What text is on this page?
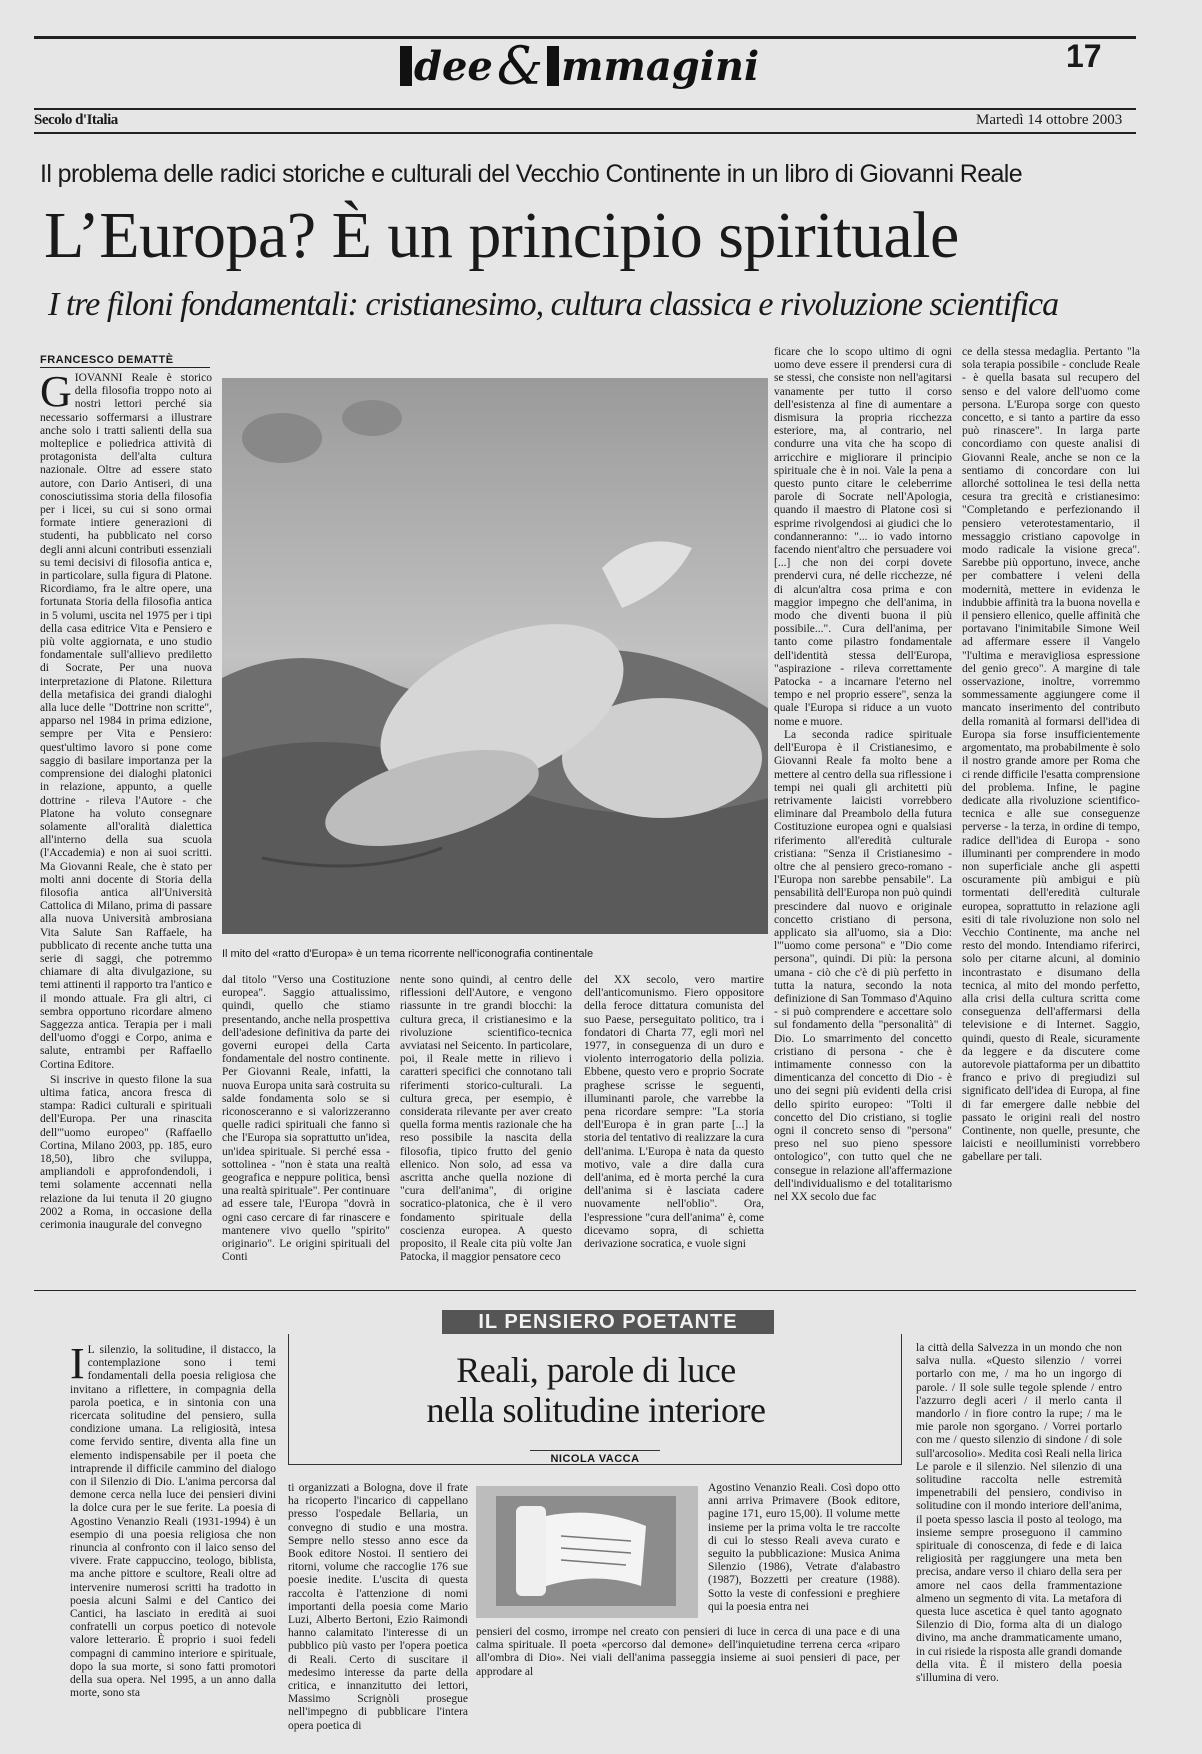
dee& mmagini	17
Secolo d'Italia	Martedì 14 ottobre 2003
Il problema delle radici storiche e culturali del Vecchio Continente in un libro di Giovanni Reale
L’Europa? È un principio spirituale
I tre filoni fondamentali: cristianesimo, cultura classica e rivoluzione scientifica
FRANCESCO DEMATTÈ
G IOVANNI Reale è storico della filosofia troppo noto ai nostri lettori perché sia necessario soffermarsi a illustrare anche solo i tratti salienti della sua molteplice e poliedrica attività di protagonista dell'alta cultura nazionale. Oltre ad essere stato autore, con Dario Antiseri, di una conosciutissima storia della filosofia per i licei, su cui si sono ormai formate intiere generazioni di studenti, ha pubblicato nel corso degli anni alcuni contributi essenziali su temi decisivi di filosofia antica e, in particolare, sulla figura di Platone. Ricordiamo, fra le altre opere, una fortunata Storia della filosofia antica in 5 volumi, uscita nel 1975 per i tipi della casa editrice Vita e Pensiero e più volte aggiornata, e uno studio fondamentale sull'allievo prediletto di Socrate, Per una nuova interpretazione di Platone. Rilettura della metafisica dei grandi dialoghi alla luce delle "Dottrine non scritte", apparso nel 1984 in prima edizione, sempre per Vita e Pensiero: quest'ultimo lavoro si pone come saggio di basilare importanza per la comprensione dei dialoghi platonici in relazione, appunto, a quelle dottrine - rileva l'Autore - che Platone ha voluto consegnare solamente all'oralità dialettica all'interno della sua scuola (l'Accademia) e non ai suoi scritti. Ma Giovanni Reale, che è stato per molti anni docente di Storia della filosofia antica all'Università Cattolica di Milano, prima di passare alla nuova Università ambrosiana Vita Salute San Raffaele, ha pubblicato di recente anche tutta una serie di saggi, che potremmo chiamare di alta divulgazione, su temi attinenti il rapporto tra l'antico e il mondo attuale. Fra gli altri, ci sembra opportuno ricordare almeno Saggezza antica. Terapia per i mali dell'uomo d'oggi e Corpo, anima e salute, entrambi per Raffaello Cortina Editore.

Si inscrive in questo filone la sua ultima fatica, ancora fresca di stampa: Radici culturali e spirituali dell'Europa. Per una rinascita dell'"uomo europeo" (Raffaello Cortina, Milano 2003, pp. 185, euro 18,50), libro che sviluppa, ampliandoli e approfondendoli, i temi solamente accennati nella relazione da lui tenuta il 20 giugno 2002 a Roma, in occasione della cerimonia inaugurale del convegno

Il mito del «ratto d'Europa» è un tema ricorrente nell'iconografia continentale

dal titolo "Verso una Costituzione europea". Saggio attualissimo, quindi, quello che stiamo presentando, anche nella prospettiva dell'adesione definitiva da parte dei governi europei della Carta fondamentale del nostro continente. Per Giovanni Reale, infatti, la nuova Europa unita sarà costruita su salde fondamenta solo se si riconosceranno e si valorizzeranno quelle radici spirituali che fanno sì che l'Europa sia soprattutto un'idea, un'idea spirituale. Si perché essa - sottolinea - "non è stata una realtà geografica e neppure politica, bensì una realtà spirituale". Per continuare ad essere tale, l'Europa "dovrà in ogni caso cercare di far rinascere e mantenere vivo quello "spirito" originario". Le origini spirituali del Conti

nente sono quindi, al centro delle riflessioni dell'Autore, e vengono riassunte in tre grandi blocchi: la cultura greca, il cristianesimo e la rivoluzione scientifico-tecnica avviatasi nel Seicento. In particolare, poi, il Reale mette in rilievo i caratteri specifici che connotano tali riferimenti storico-culturali. La cultura greca, per esempio, è considerata rilevante per aver creato quella forma mentis razionale che ha reso possibile la nascita della filosofia, tipico frutto del genio ellenico. Non solo, ad essa va ascritta anche quella nozione di "cura dell'anima", di origine socratico-platonica, che è il vero fondamento spirituale della coscienza europea. A questo proposito, il Reale cita più volte Jan Patocka, il maggior pensatore ceco

ficare che lo scopo ultimo di ogni uomo deve essere il prendersi cura di se stessi, che consiste non nell'agitarsi vanamente per tutto il corso dell'esistenza al fine di aumentare a dismisura la propria ricchezza esteriore, ma, al contrario, nel condurre una vita che ha scopo di arricchire e migliorare il principio spirituale che è in noi. Vale la pena a questo punto citare le celeberrime parole di Socrate nell'Apologia, quando il maestro di Platone così si esprime rivolgendosi ai giudici che lo condanneranno: "... io vado intorno facendo nient'altro che persuadere voi [...] che non dei corpi dovete prendervi cura, né delle ricchezze, né di alcun'altra cosa prima e con maggior impegno che dell'anima, in modo che diventi buona il più possibile...". Cura dell'anima, per tanto come pilastro fondamentale dell'identità stessa dell'Europa, "aspirazione - rileva correttamente Patocka - a incarnare l'eterno nel tempo e nel proprio essere", senza la quale l'Europa si riduce a un vuoto nome e muore.

La seconda radice spirituale dell'Europa è il Cristianesimo, e Giovanni Reale fa molto bene a mettere al centro della sua riflessione i tempi nei quali gli architetti più retrivamente laicisti vorrebbero eliminare dal Preambolo della futura Costituzione europea ogni e qualsiasi riferimento all'eredità culturale cristiana: "Senza il Cristianesimo - oltre che al pensiero greco-romano - l'Europa non sarebbe pensabile". La pensabilità dell'Europa non può quindi prescindere dal nuovo e originale concetto cristiano di persona, applicato sia all'uomo, sia a Dio: l'"uomo come persona" e "Dio come persona", quindi. Di più: la persona umana - ciò che c'è di più perfetto in tutta la natura, secondo la nota definizione di San Tommaso d'Aquino - si può comprendere e accettare solo sul fondamento della "personalità" di Dio. Lo smarrimento del concetto cristiano di persona - che è intimamente connesso con la dimenticanza del concetto di Dio - è uno dei segni più evidenti della crisi dello spirito europeo: "Tolti il concetto del Dio cristiano, si toglie ogni il concreto senso di "persona" preso nel suo pieno spessore ontologico", con tutto quel che ne consegue in relazione all'affermazione dell'individualismo e del totalitarismo nel XX secolo due fac

del XX secolo, vero martire dell'anticomunismo. Fiero oppositore della feroce dittatura comunista del suo Paese, perseguitato politico, tra i fondatori di Charta 77, egli morì nel 1977, in conseguenza di un duro e violento interrogatorio della polizia. Ebbene, questo vero e proprio Socrate praghese scrisse le seguenti, illuminanti parole, che varrebbe la pena ricordare sempre: "La storia dell'Europa è in gran parte [...] la storia del tentativo di realizzare la cura dell'anima. L'Europa è nata da questo motivo, vale a dire dalla cura dell'anima, ed è morta perché la cura dell'anima si è lasciata cadere nuovamente nell'oblio". Ora, l'espressione "cura dell'anima" è, come dicevamo sopra, di schietta derivazione socratica, e vuole signi

ce della stessa medaglia. Pertanto "la sola terapia possibile - conclude Reale - è quella basata sul recupero del senso e del valore dell'uomo come persona. L'Europa sorge con questo concetto, e si tanto a partire da esso può rinascere". In larga parte concordiamo con queste analisi di Giovanni Reale, anche se non ce la sentiamo di concordare con lui allorché sottolinea le tesi della netta cesura tra grecità e cristianesimo: "Completando e perfezionando il pensiero veterotestamentario, il messaggio cristiano capovolge in modo radicale la visione greca". Sarebbe più opportuno, invece, anche per combattere i veleni della modernità, mettere in evidenza le indubbie affinità tra la buona novella e il pensiero ellenico, quelle affinità che portavano l'inimitabile Simone Weil ad affermare essere il Vangelo "l'ultima e meravigliosa espressione del genio greco". A margine di tale osservazione, inoltre, vorremmo sommessamente aggiungere come il mancato inserimento del contributo della romanità al formarsi dell'idea di Europa sia forse insufficientemente argomentato, ma probabilmente è solo il nostro grande amore per Roma che ci rende difficile l'esatta comprensione del problema. Infine, le pagine dedicate alla rivoluzione scientifico-tecnica e alle sue conseguenze perverse - la terza, in ordine di tempo, radice dell'idea di Europa - sono illuminanti per comprendere in modo non superficiale anche gli aspetti oscuramente più ambigui e più tormentati dell'eredità culturale europea, soprattutto in relazione agli esiti di tale rivoluzione non solo nel Vecchio Continente, ma anche nel resto del mondo. Intendiamo riferirci, solo per citarne alcuni, al dominio incontrastato e disumano della tecnica, al mito del mondo perfetto, alla crisi della cultura scritta come conseguenza dell'affermarsi della televisione e di Internet. Saggio, quindi, questo di Reale, sicuramente da leggere e da discutere come autorevole piattaforma per un dibattito franco e privo di pregiudizi sul significato dell'idea di Europa, al fine di far emergere dalle nebbie del passato le origini reali del nostro Continente, non quelle, presunte, che laicisti e neoilluministi vorrebbero gabellare per tali.

IL PENSIERO POETANTE
Reali, parole di luce
nella solitudine interiore
NICOLA VACCA
I L silenzio, la solitudine, il distacco, la contemplazione sono i temi fondamentali della poesia religiosa che invitano a riflettere, in compagnia della parola poetica, e in sintonia con una ricercata solitudine del pensiero, sulla condizione umana. La religiosità, intesa come fervido sentire, diventa alla fine un elemento indispensabile per il poeta che intraprende il difficile cammino del dialogo con il Silenzio di Dio. L'anima percorsa dal demone cerca nella luce dei pensieri divini la dolce cura per le sue ferite. La poesia di Agostino Venanzio Reali (1931-1994) è un esempio di una poesia religiosa che non rinuncia al confronto con il laico senso del vivere. Frate cappuccino, teologo, biblista, ma anche pittore e scultore, Reali oltre ad intervenire numerosi scritti ha tradotto in poesia alcuni Salmi e del Cantico dei Cantici, ha lasciato in eredità ai suoi confratelli un corpus poetico di notevole valore letterario. È proprio i suoi fedeli compagni di cammino interiore e spirituale, dopo la sua morte, si sono fatti promotori della sua opera. Nel 1995, a un anno dalla morte, sono sta

ti organizzati a Bologna, dove il frate ha ricoperto l'incarico di cappellano presso l'ospedale Bellaria, un convegno di studio e una mostra. Sempre nello stesso anno esce da Book editore Nostoi. Il sentiero dei ritorni, volume che raccoglie 176 sue poesie inedite. L'uscita di questa raccolta è l'attenzione di nomi importanti della poesia come Mario Luzi, Alberto Bertoni, Ezio Raimondi hanno calamitato l'interesse di un pubblico più vasto per l'opera poetica di Reali. Certo di suscitare il medesimo interesse da parte della critica, e innanzitutto dei lettori, Massimo Scrignòli prosegue nell'impegno di pubblicare l'intera opera poetica di

Agostino Venanzio Reali. Così dopo otto anni arriva Primavere (Book editore, pagine 171, euro 15,00). Il volume mette insieme per la prima volta le tre raccolte di cui lo stesso Reali aveva curato e seguito la pubblicazione: Musica Anima Silenzio (1986), Vetrate d'alabastro (1987), Bozzetti per creature (1988). Sotto la veste di confessioni e preghiere qui la poesia entra nei

pensieri del cosmo, irrompe nel creato con pensieri di luce in cerca di una pace e di una calma spirituale. Il poeta «percorso dal demone» dell'inquietudine terrena cerca «riparo all'ombra di Dio». Nei viali dell'anima passeggia insieme ai suoi pensieri di pace, per approdare al

la città della Salvezza in un mondo che non salva nulla. «Questo silenzio / vorrei portarlo con me, / ma ho un ingorgo di parole. / Il sole sulle tegole splende / entro l'azzurro degli aceri / il merlo canta il mandorlo / in fiore contro la rupe; / ma le mie parole non sgorgano. / Vorrei portarlo con me / questo silenzio di sindone / di sole sull'arcosolio». Medita così Reali nella lirica Le parole e il silenzio. Nel silenzio di una solitudine raccolta nelle estremità impenetrabili del pensiero, condiviso in solitudine con il mondo interiore dell'anima, il poeta spesso lascia il posto al teologo, ma insieme sempre proseguono il cammino spirituale di conoscenza, di fede e di laica religiosità per raggiungere una meta ben precisa, andare verso il chiaro della sera per amore nel caos della frammentazione almeno un segmento di vita. La metafora di questa luce ascetica è quel tanto agognato Silenzio di Dio, forma alta di un dialogo divino, ma anche drammaticamente umano, in cui risiede la risposta alle grandi domande della vita. È il mistero della poesia s'illumina di vero.
